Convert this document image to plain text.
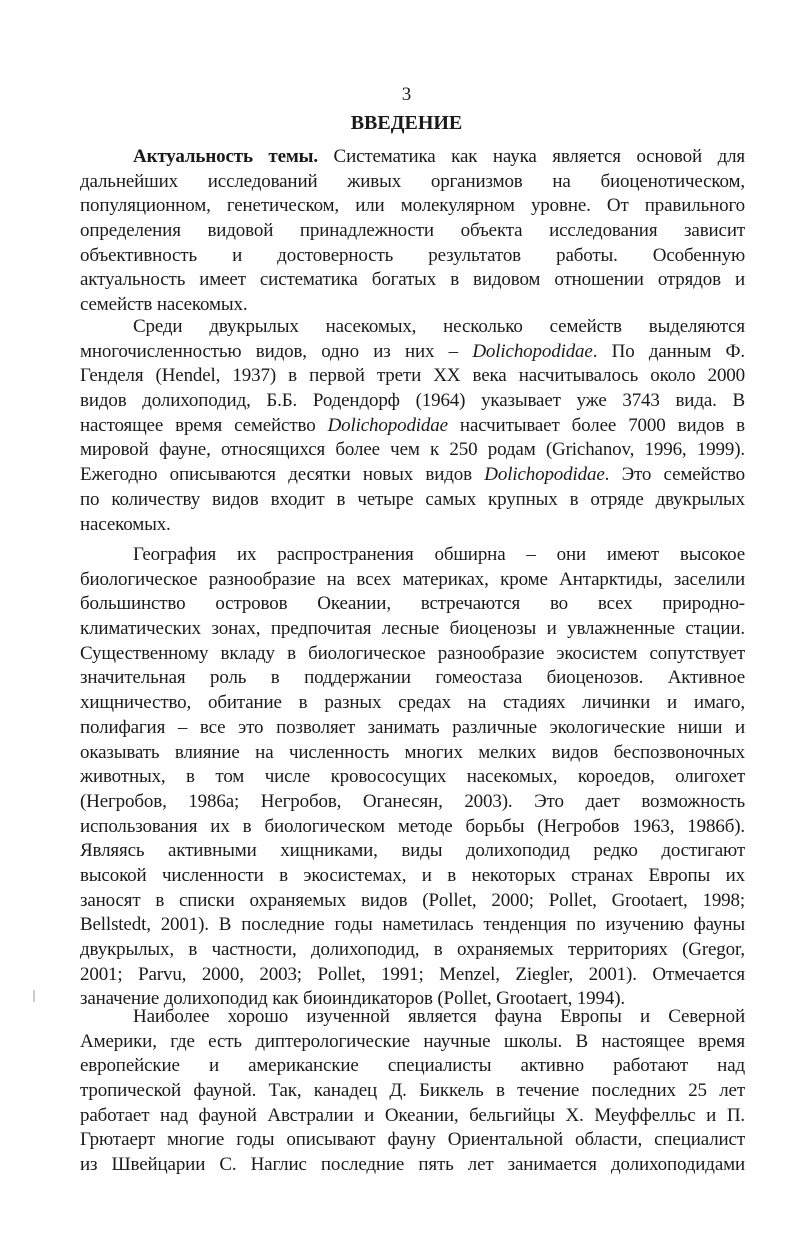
3
ВВЕДЕНИЕ
Актуальность темы. Систематика как наука является основой для
дальнейших исследований живых организмов на биоценотическом,
популяционном, генетическом, или молекулярном уровне. От правильного
определения видовой принадлежности объекта исследования зависит
объективность и достоверность результатов работы. Особенную
актуальность имеет систематика богатых в видовом отношении отрядов и
семейств насекомых.
Среди двукрылых насекомых, несколько семейств выделяются
многочисленностью видов, одно из них – Dolichopodidae. По данным Ф.
Генделя (Hendel, 1937) в первой трети XX века насчитывалось около 2000
видов долихоподид, Б.Б. Родендорф (1964) указывает уже 3743 вида. В
настоящее время семейство Dolichopodidae насчитывает более 7000 видов в
мировой фауне, относящихся более чем к 250 родам (Grichanov, 1996, 1999).
Ежегодно описываются десятки новых видов Dolichopodidae. Это семейство
по количеству видов входит в четыре самых крупных в отряде двукрылых
насекомых.
География их распространения обширна – они имеют высокое
биологическое разнообразие на всех материках, кроме Антарктиды, заселили
большинство островов Океании, встречаются во всех природно-
климатических зонах, предпочитая лесные биоценозы и увлажненные стации.
Существенному вкладу в биологическое разнообразие экосистем сопутствует
значительная роль в поддержании гомеостаза биоценозов. Активное
хищничество, обитание в разных средах на стадиях личинки и имаго,
полифагия – все это позволяет занимать различные экологические ниши и
оказывать влияние на численность многих мелких видов беспозвоночных
животных, в том числе кровососущих насекомых, короедов, олигохет
(Негробов, 1986а; Негробов, Оганесян, 2003). Это дает возможность
использования их в биологическом методе борьбы (Негробов 1963, 1986б).
Являясь активными хищниками, виды долихоподид редко достигают
высокой численности в экосистемах, и в некоторых странах Европы их
заносят в списки охраняемых видов (Pollet, 2000; Pollet, Grootaert, 1998;
Bellstedt, 2001). В последние годы наметилась тенденция по изучению фауны
двукрылых, в частности, долихоподид, в охраняемых территориях (Gregor,
2001; Parvu, 2000, 2003; Pollet, 1991; Menzel, Ziegler, 2001). Отмечается
заначение долихоподид как биоиндикаторов (Pollet, Grootaert, 1994).
Наиболее хорошо изученной является фауна Европы и Северной
Америки, где есть диптерологические научные школы. В настоящее время
европейские и американские специалисты активно работают над
тропической фауной. Так, канадец Д. Биккель в течение последних 25 лет
работает над фауной Австралии и Океании, бельгийцы Х. Меуффелльс и П.
Грютаерт многие годы описывают фауну Ориентальной области, специалист
из Швейцарии С. Наглис последние пять лет занимается долихоподидами
